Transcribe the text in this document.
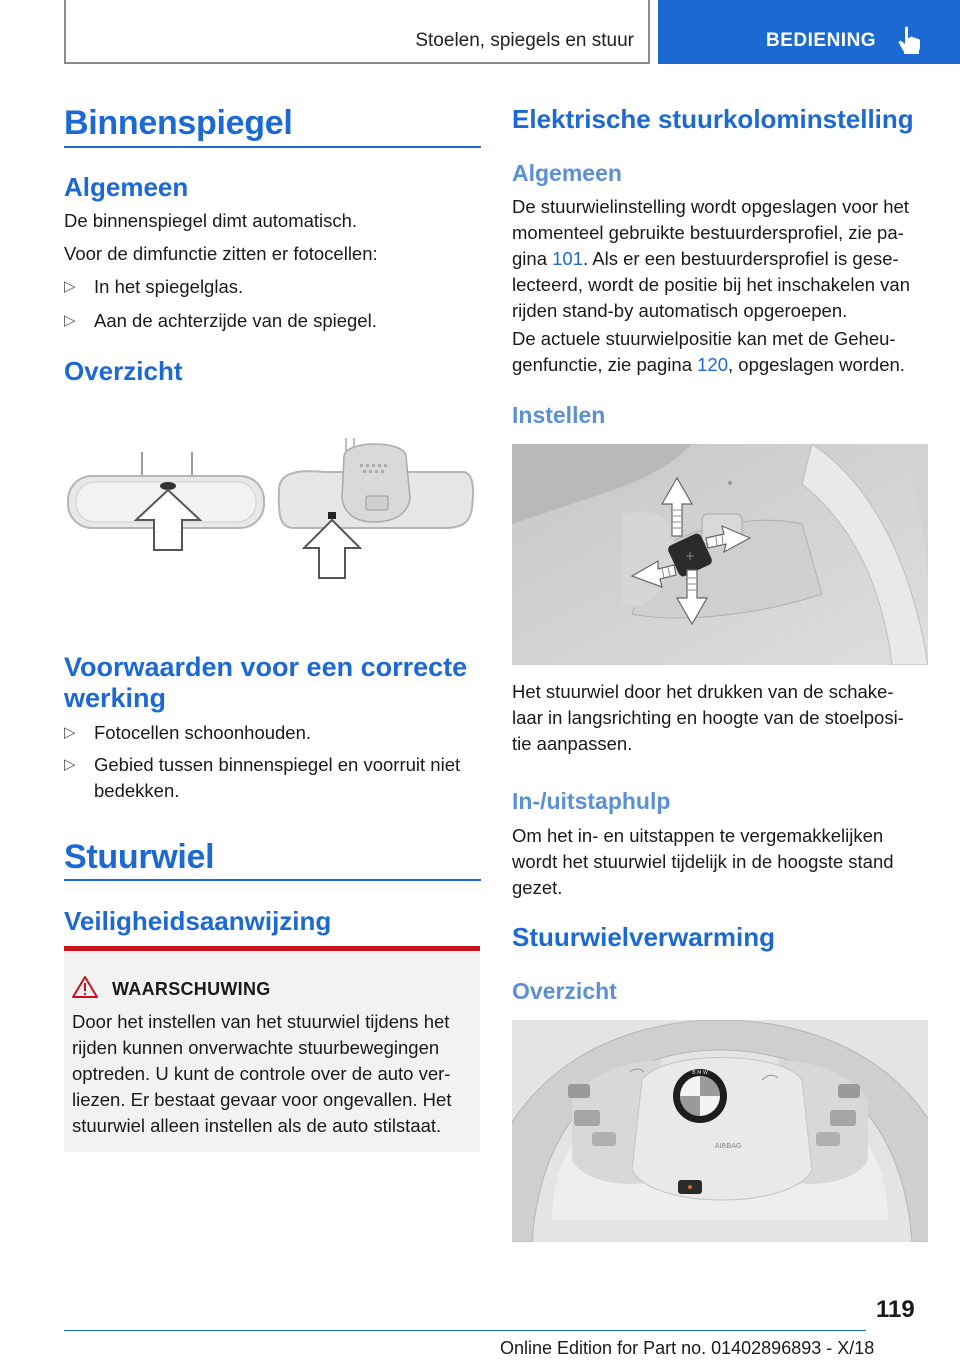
Stoelen, spiegels en stuur	BEDIENING
Binnenspiegel
Algemeen
De binnenspiegel dimt automatisch.
Voor de dimfunctie zitten er fotocellen:
▷ In het spiegelglas.
▷ Aan de achterzijde van de spiegel.
Overzicht
Voorwaarden voor een correcte
werking
▷ Fotocellen schoonhouden.
▷ Gebied tussen binnenspiegel en voorruit niet
bedekken.
Stuurwiel
Veiligheidsaanwijzing
WAARSCHUWING
Door het instellen van het stuurwiel tijdens het
rijden kunnen onverwachte stuurbewegingen
optreden. U kunt de controle over de auto ver-
liezen. Er bestaat gevaar voor ongevallen. Het
stuurwiel alleen instellen als de auto stilstaat.
Elektrische stuurkolominstelling
Algemeen
De stuurwielinstelling wordt opgeslagen voor het
momenteel gebruikte bestuurdersprofiel, zie pa-
gina 101. Als er een bestuurdersprofiel is gese-
lecteerd, wordt de positie bij het inschakelen van
rijden stand-by automatisch opgeroepen.
De actuele stuurwielpositie kan met de Geheu-
genfunctie, zie pagina 120, opgeslagen worden.
Instellen
+
Het stuurwiel door het drukken van de schake-
laar in langsrichting en hoogte van de stoelposi-
tie aanpassen.
In-/uitstaphulp
Om het in- en uitstappen te vergemakkelijken
wordt het stuurwiel tijdelijk in de hoogste stand
gezet.
Stuurwielverwarming
Overzicht
B M W
AIRBAG
119
Online Edition for Part no. 01402896893 - X/18
